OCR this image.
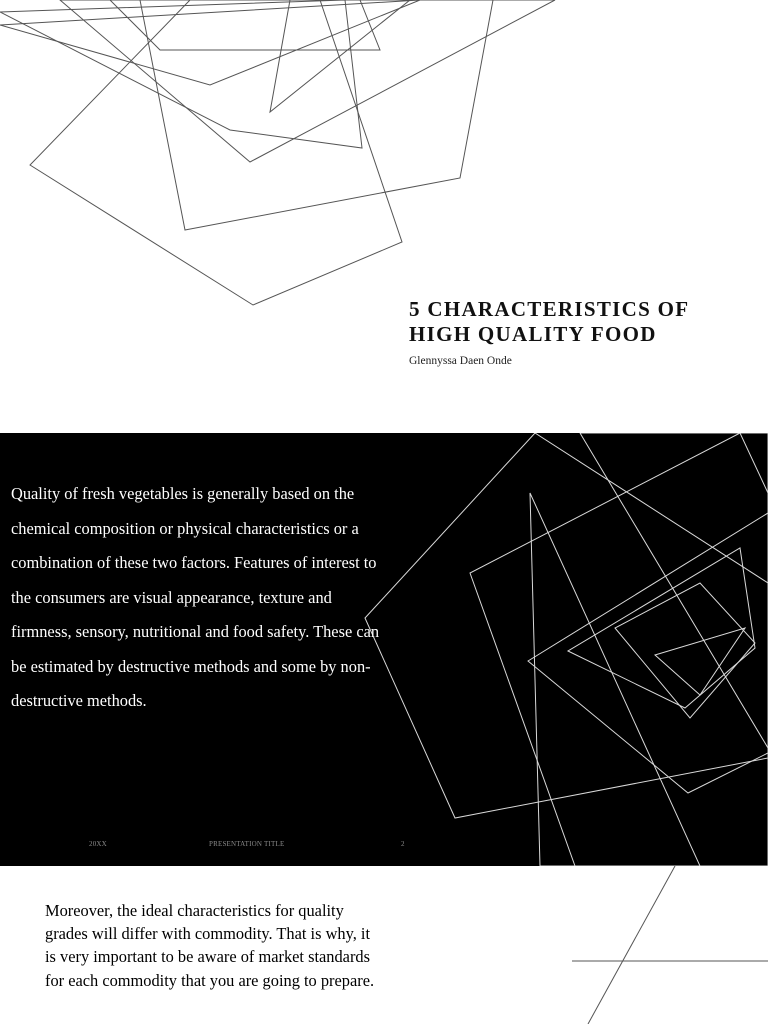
5 CHARACTERISTICS OF
HIGH QUALITY FOOD
Glennyssa Daen Onde

Quality of fresh vegetables is generally based on the chemical composition or physical characteristics or a combination of these two factors. Features of interest to the consumers are visual appearance, texture and firmness, sensory, nutritional and food safety. These can be estimated by destructive methods and some by non-destructive methods.

20XX	PRESENTATION TITLE	2

Moreover, the ideal characteristics for quality grades will differ with commodity. That is why, it is very important to be aware of market standards for each commodity that you are going to prepare.
